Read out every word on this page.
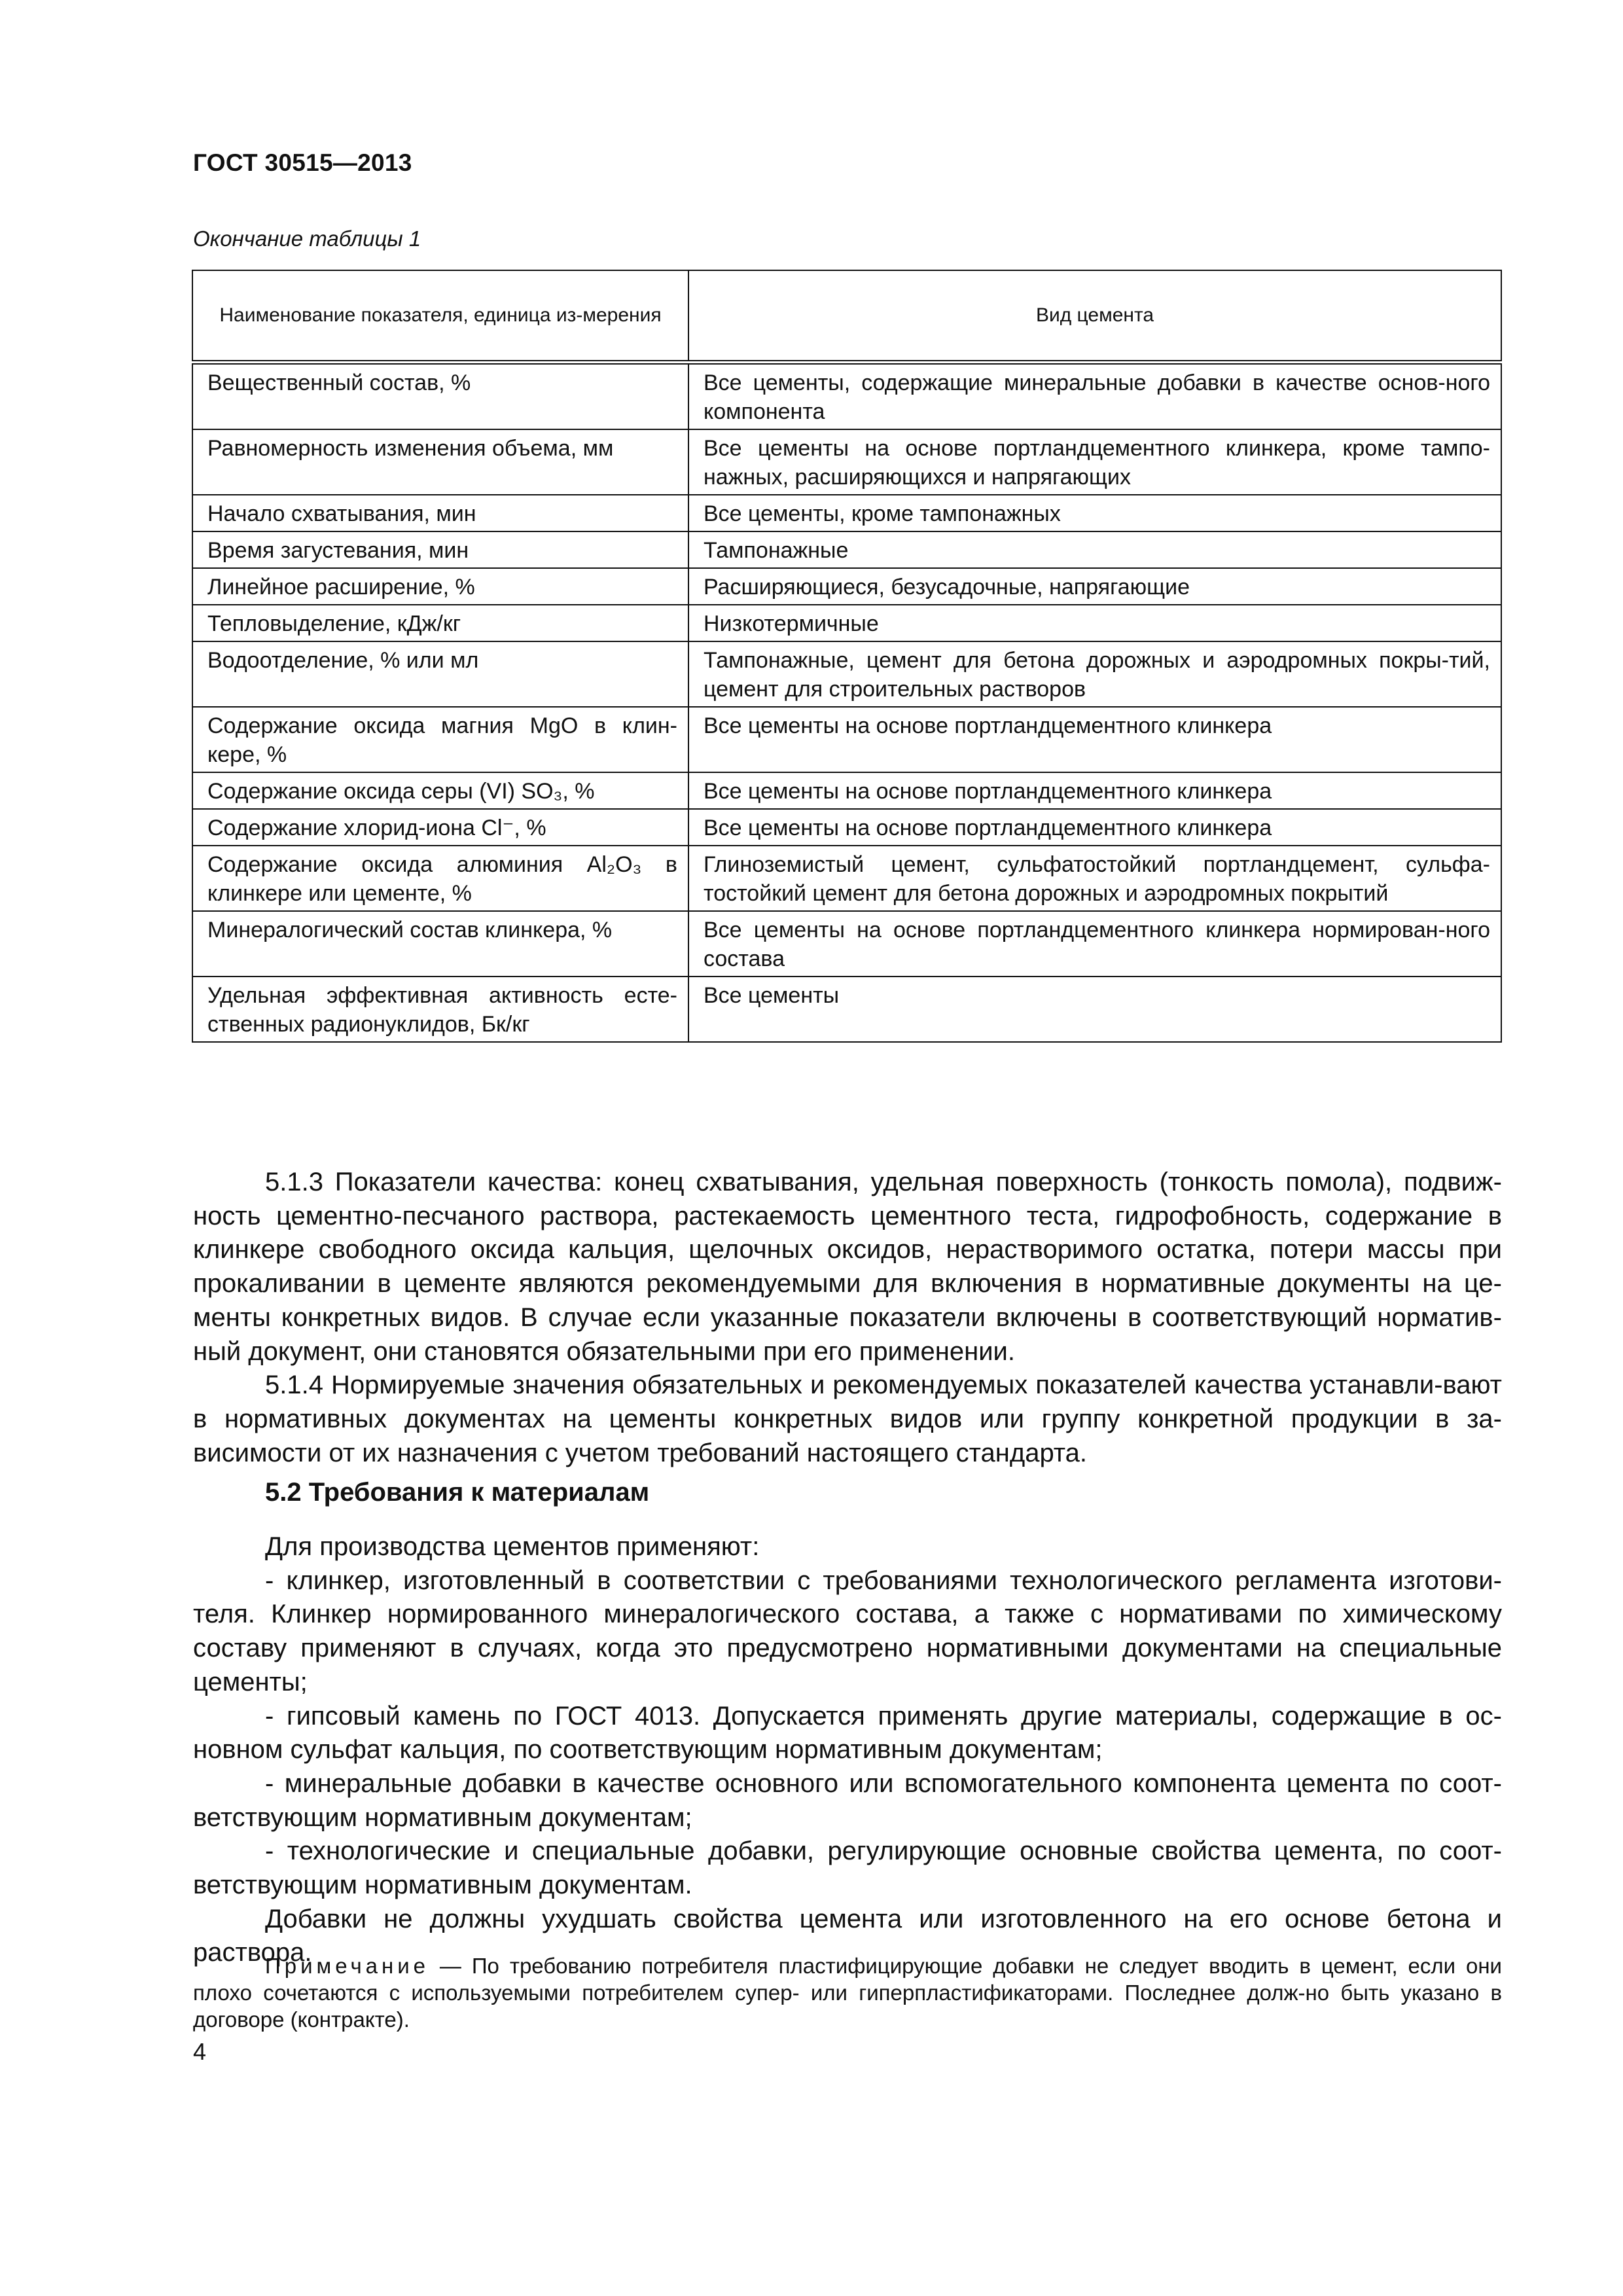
ГОСТ 30515—2013
Окончание таблицы 1
Наименование показателя, единица из-мерения	Вид цемента
Вещественный состав, %	Все цементы, содержащие минеральные добавки в качестве основ-ного компонента
Равномерность изменения объема, мм	Все цементы на основе портландцементного клинкера, кроме тампо-нажных, расширяющихся и напрягающих
Начало схватывания, мин	Все цементы, кроме тампонажных
Время загустевания, мин	Тампонажные
Линейное расширение, %	Расширяющиеся, безусадочные, напрягающие
Тепловыделение, кДж/кг	Низкотермичные
Водоотделение, % или мл	Тампонажные, цемент для бетона дорожных и аэродромных покры-тий, цемент для строительных растворов
Содержание оксида магния MgO в клин-кере, %	Все цементы на основе портландцементного клинкера
Содержание оксида серы (VI) SO₃, %	Все цементы на основе портландцементного клинкера
Содержание хлорид-иона Cl⁻, %	Все цементы на основе портландцементного клинкера
Содержание оксида алюминия Al₂O₃ в клинкере или цементе, %	Глиноземистый цемент, сульфатостойкий портландцемент, сульфа-тостойкий цемент для бетона дорожных и аэродромных покрытий
Минералогический состав клинкера, %	Все цементы на основе портландцементного клинкера нормирован-ного состава
Удельная эффективная активность есте-ственных радионуклидов, Бк/кг	Все цементы

5.1.3 Показатели качества: конец схватывания, удельная поверхность (тонкость помола), подвиж-ность цементно-песчаного раствора, растекаемость цементного теста, гидрофобность, содержание в клинкере свободного оксида кальция, щелочных оксидов, нерастворимого остатка, потери массы при прокаливании в цементе являются рекомендуемыми для включения в нормативные документы на це-менты конкретных видов. В случае если указанные показатели включены в соответствующий норматив-ный документ, они становятся обязательными при его применении.

5.1.4 Нормируемые значения обязательных и рекомендуемых показателей качества устанавли-вают в нормативных документах на цементы конкретных видов или группу конкретной продукции в за-висимости от их назначения с учетом требований настоящего стандарта.

5.2 Требования к материалам

Для производства цементов применяют:

- клинкер, изготовленный в соответствии с требованиями технологического регламента изготови-теля. Клинкер нормированного минералогического состава, а также с нормативами по химическому составу применяют в случаях, когда это предусмотрено нормативными документами на специальные цементы;

- гипсовый камень по ГОСТ 4013. Допускается применять другие материалы, содержащие в ос-новном сульфат кальция, по соответствующим нормативным документам;

- минеральные добавки в качестве основного или вспомогательного компонента цемента по соот-ветствующим нормативным документам;

- технологические и специальные добавки, регулирующие основные свойства цемента, по соот-ветствующим нормативным документам.

Добавки не должны ухудшать свойства цемента или изготовленного на его основе бетона и раствора.

Примечание — По требованию потребителя пластифицирующие добавки не следует вводить в цемент, если они плохо сочетаются с используемыми потребителем супер- или гиперпластификаторами. Последнее долж-но быть указано в договоре (контракте).

4
